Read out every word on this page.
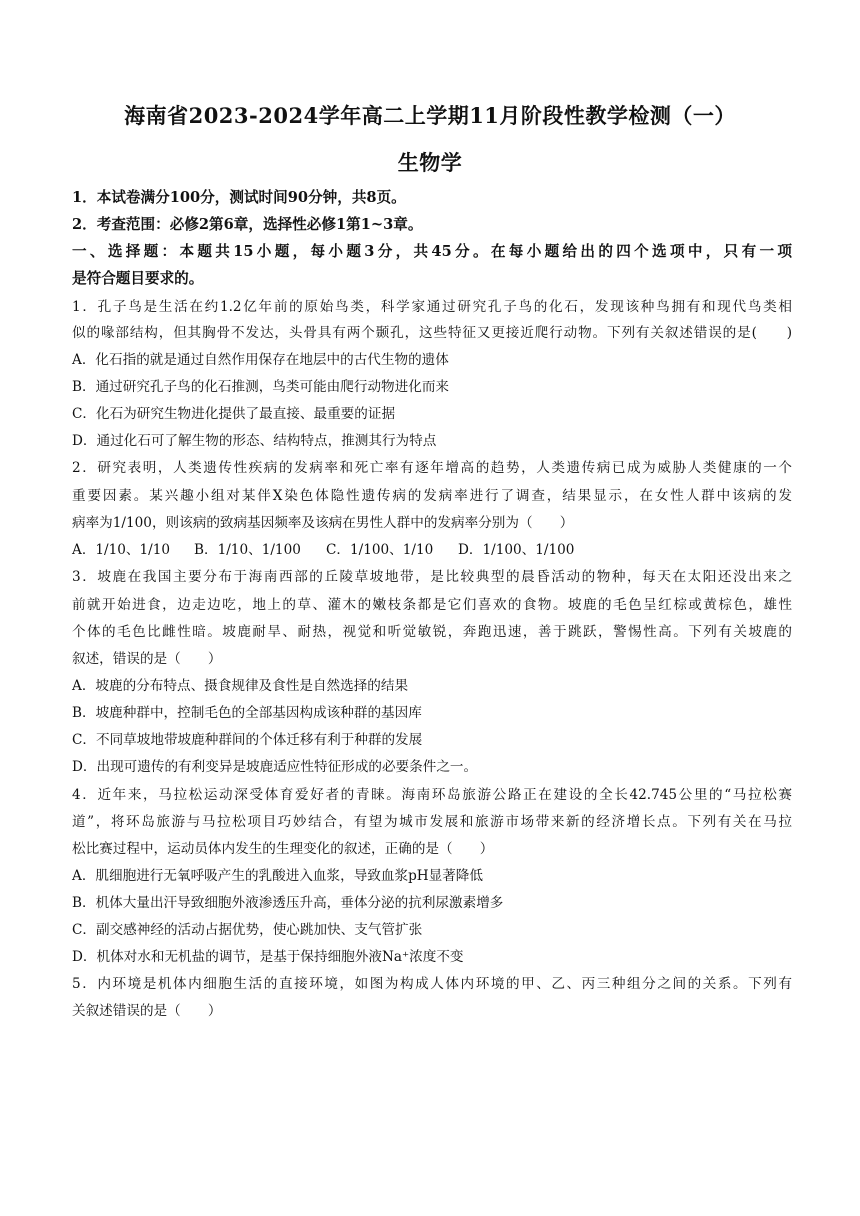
海南省2023-2024学年高二上学期11月阶段性教学检测（一）
生物学
1．本试卷满分100分，测试时间90分钟，共8页。
2．考查范围：必修2第6章，选择性必修1第1~3章。
一、选择题：本题共15小题，每小题3分，共45分。在每小题给出的四个选项中，只有一项
是符合题目要求的。
1．孔子鸟是生活在约1.2亿年前的原始鸟类，科学家通过研究孔子鸟的化石，发现该种鸟拥有和现代鸟类相
似的喙部结构，但其胸骨不发达，头骨具有两个颞孔，这些特征又更接近爬行动物。下列有关叙述错误的是(　　)
A．化石指的就是通过自然作用保存在地层中的古代生物的遗体
B．通过研究孔子鸟的化石推测，鸟类可能由爬行动物进化而来
C．化石为研究生物进化提供了最直接、最重要的证据
D．通过化石可了解生物的形态、结构特点，推测其行为特点
2．研究表明，人类遗传性疾病的发病率和死亡率有逐年增高的趋势，人类遗传病已成为威胁人类健康的一个
重要因素。某兴趣小组对某伴X染色体隐性遗传病的发病率进行了调查，结果显示，在女性人群中该病的发
病率为1/100，则该病的致病基因频率及该病在男性人群中的发病率分别为（　　）
A．1/10、1/10 B．1/10、1/100 C．1/100、1/10 D．1/100、1/100
3．坡鹿在我国主要分布于海南西部的丘陵草坡地带，是比较典型的晨昏活动的物种，每天在太阳还没出来之
前就开始进食，边走边吃，地上的草、灌木的嫩枝条都是它们喜欢的食物。坡鹿的毛色呈红棕或黄棕色，雄性
个体的毛色比雌性暗。坡鹿耐旱、耐热，视觉和听觉敏锐，奔跑迅速，善于跳跃，警惕性高。下列有关坡鹿的
叙述，错误的是（　　）
A．坡鹿的分布特点、摄食规律及食性是自然选择的结果
B．坡鹿种群中，控制毛色的全部基因构成该种群的基因库
C．不同草坡地带坡鹿种群间的个体迁移有利于种群的发展
D．出现可遗传的有利变异是坡鹿适应性特征形成的必要条件之一。
4．近年来，马拉松运动深受体育爱好者的青睐。海南环岛旅游公路正在建设的全长42.745公里的“马拉松赛
道”，将环岛旅游与马拉松项目巧妙结合，有望为城市发展和旅游市场带来新的经济增长点。下列有关在马拉
松比赛过程中，运动员体内发生的生理变化的叙述，正确的是（　　）
A．肌细胞进行无氧呼吸产生的乳酸进入血浆，导致血浆pH显著降低
B．机体大量出汗导致细胞外液渗透压升高，垂体分泌的抗利尿激素增多
C．副交感神经的活动占据优势，使心跳加快、支气管扩张
D．机体对水和无机盐的调节，是基于保持细胞外液Na⁺浓度不变
5．内环境是机体内细胞生活的直接环境，如图为构成人体内环境的甲、乙、丙三种组分之间的关系。下列有
关叙述错误的是（　　）
